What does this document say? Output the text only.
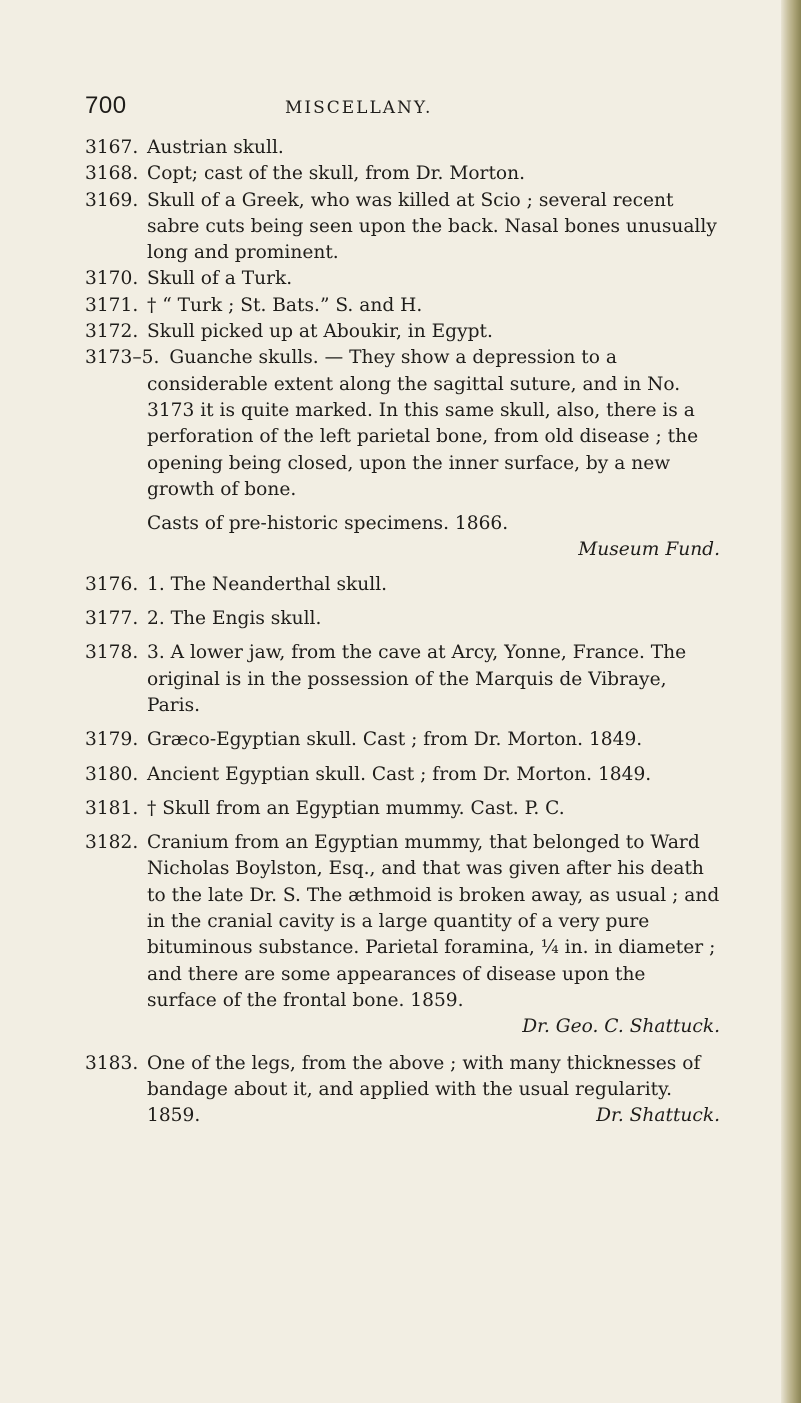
700	MISCELLANY.

3167. Austrian skull.

3168. Copt; cast of the skull, from Dr. Morton.

3169. Skull of a Greek, who was killed at Scio ; several recent sabre cuts being seen upon the back. Nasal bones unusually long and prominent.

3170. Skull of a Turk.

3171. † “ Turk ; St. Bats.” S. and H.

3172. Skull picked up at Aboukir, in Egypt.

3173–5. Guanche skulls. — They show a depression to a considerable extent along the sagittal suture, and in No. 3173 it is quite marked. In this same skull, also, there is a perforation of the left parietal bone, from old disease ; the opening being closed, upon the inner surface, by a new growth of bone.

Casts of pre-historic specimens. 1866.

Museum Fund.

3176. 1. The Neanderthal skull.

3177. 2. The Engis skull.

3178. 3. A lower jaw, from the cave at Arcy, Yonne, France. The original is in the possession of the Marquis de Vibraye, Paris.

3179. Græco-Egyptian skull. Cast ; from Dr. Morton. 1849.

3180. Ancient Egyptian skull. Cast ; from Dr. Morton. 1849.

3181. † Skull from an Egyptian mummy. Cast. P. C.

3182. Cranium from an Egyptian mummy, that belonged to Ward Nicholas Boylston, Esq., and that was given after his death to the late Dr. S. The æthmoid is broken away, as usual ; and in the cranial cavity is a large quantity of a very pure bituminous substance. Parietal foramina, ¼ in. in diameter ; and there are some appearances of disease upon the surface of the frontal bone. 1859.

Dr. Geo. C. Shattuck.

3183. One of the legs, from the above ; with many thicknesses of bandage about it, and applied with the usual regularity.

1859.	Dr. Shattuck.
